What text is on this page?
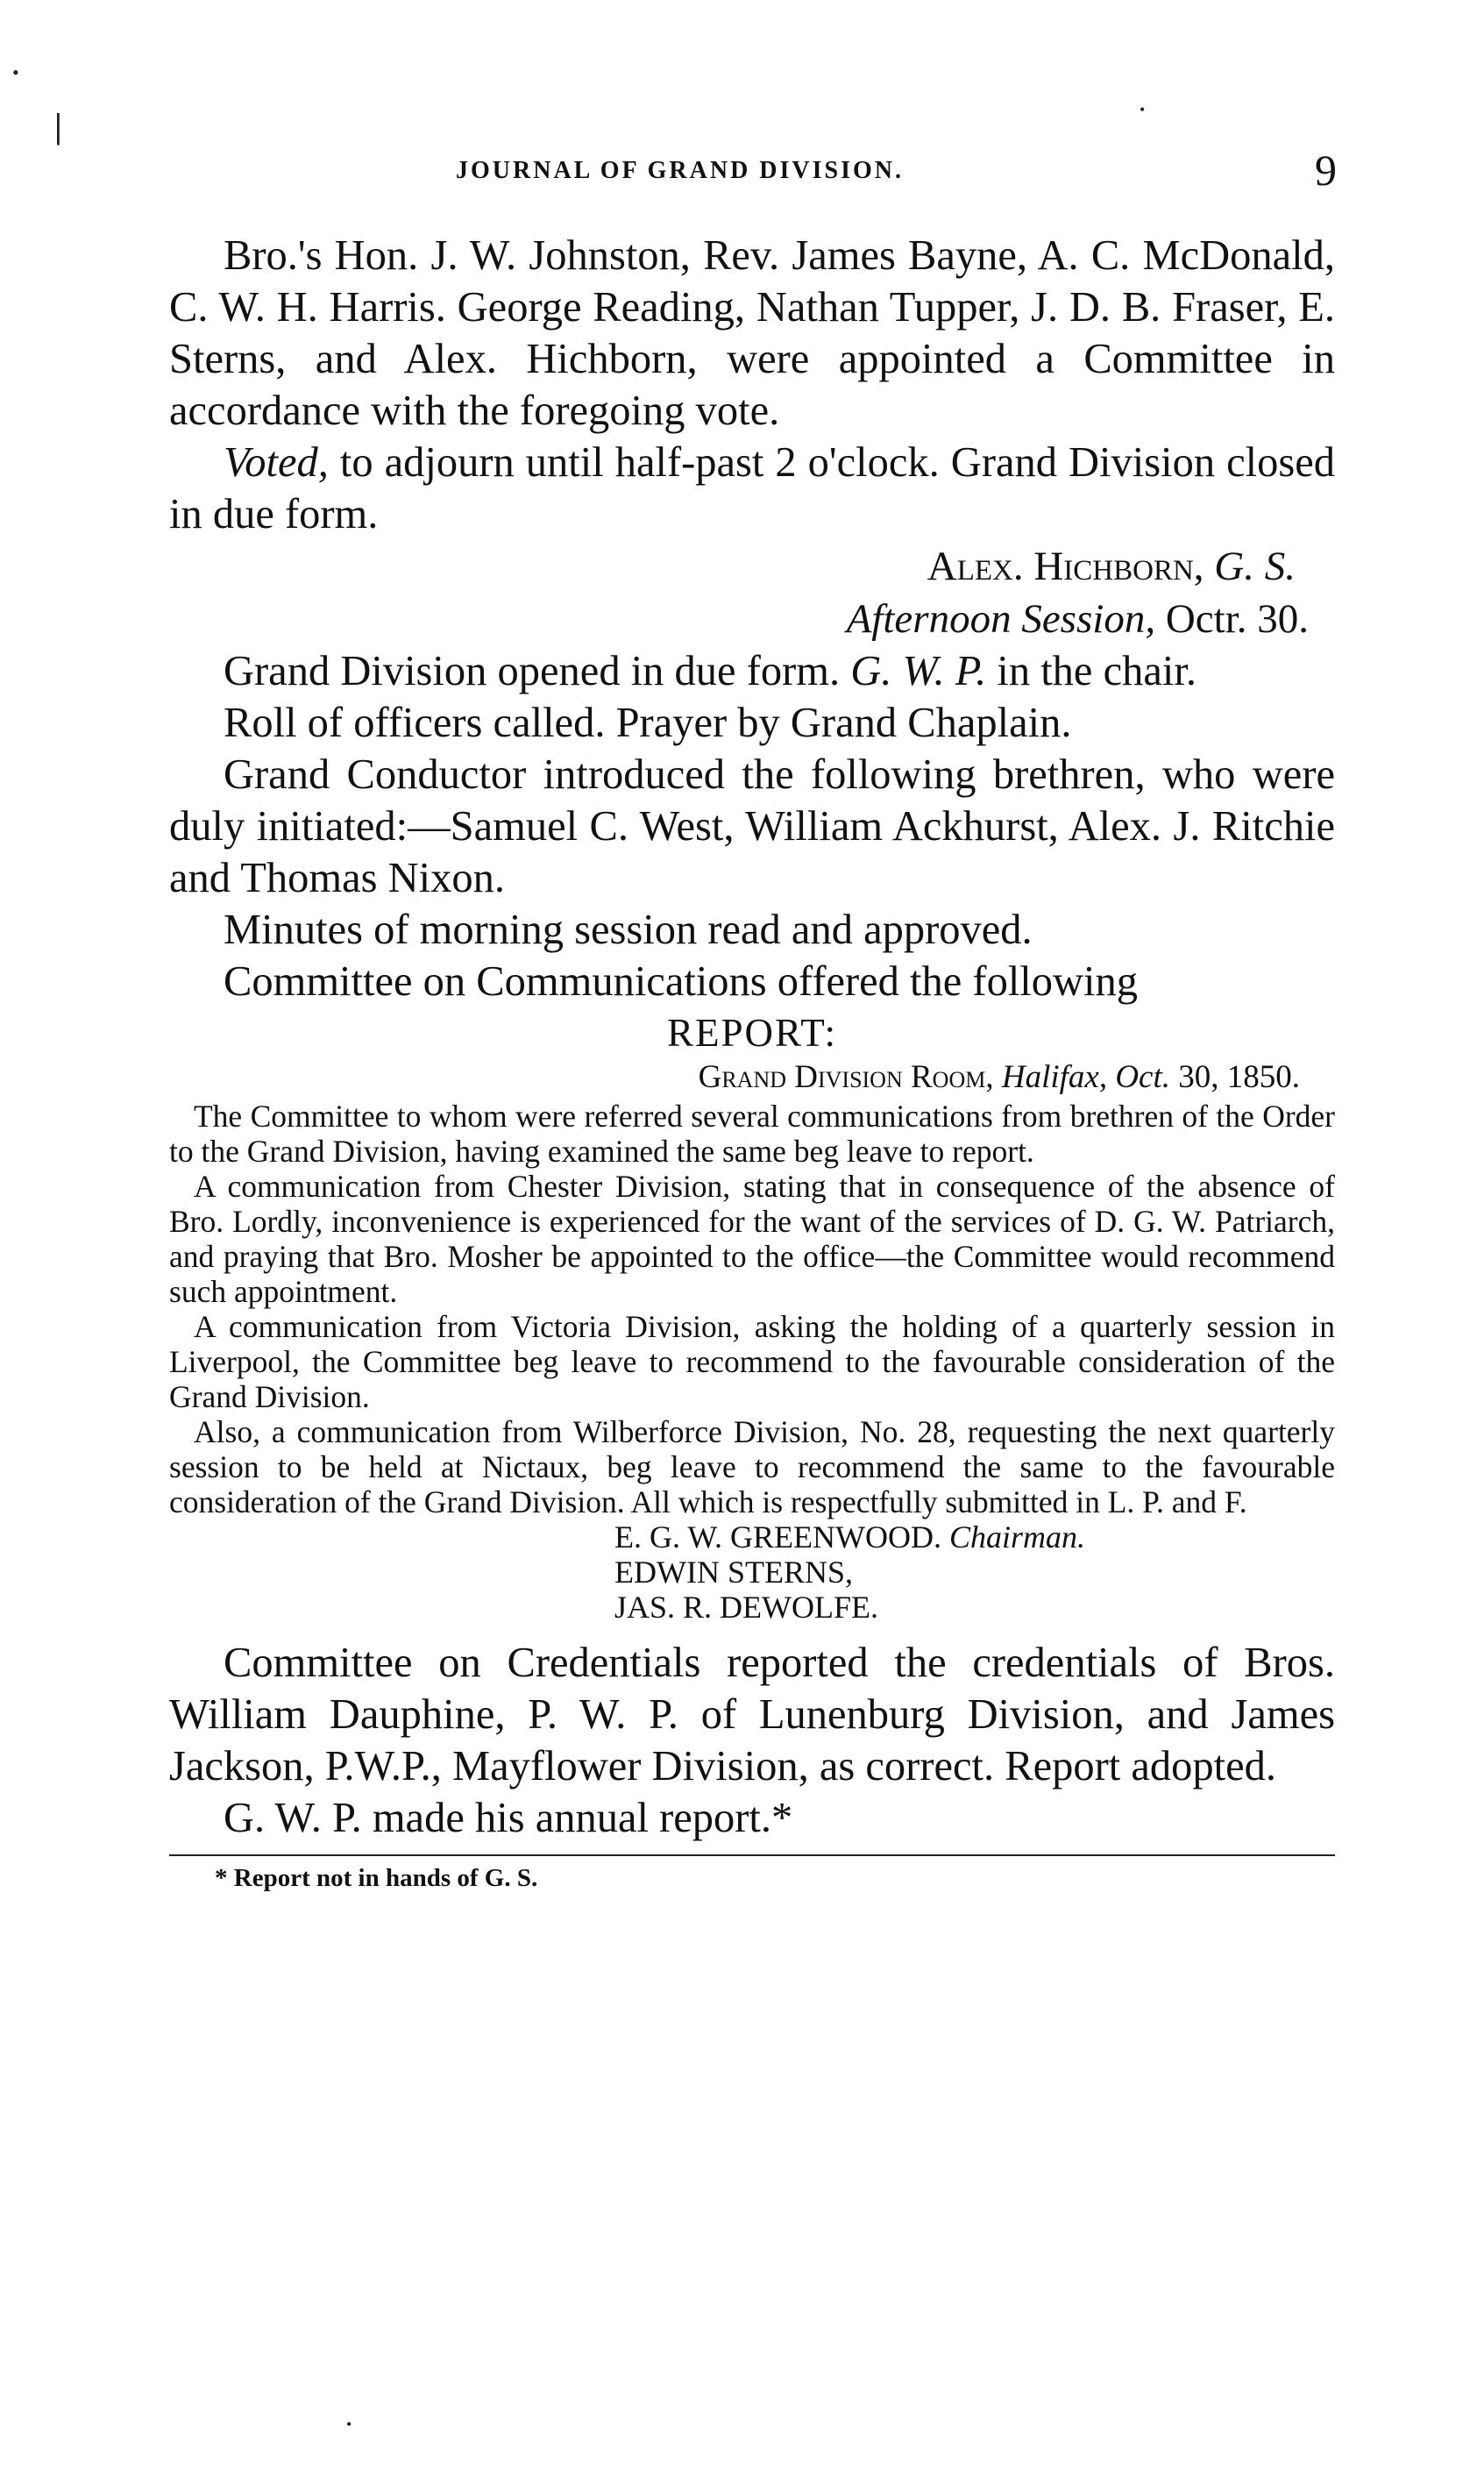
•
|	•
•
JOURNAL OF GRAND DIVISION.	9

Bro.'s Hon. J. W. Johnston, Rev. James Bayne, A. C. McDonald, C. W. H. Harris. George Reading, Nathan Tupper, J. D. B. Fraser, E. Sterns, and Alex. Hichborn, were appointed a Committee in accordance with the foregoing vote.

Voted, to adjourn until half-past 2 o'clock. Grand Division closed in due form.

Alex. Hichborn, G. S.

Afternoon Session, Octr. 30.

Grand Division opened in due form. G. W. P. in the chair.

Roll of officers called. Prayer by Grand Chaplain.

Grand Conductor introduced the following brethren, who were duly initiated:—Samuel C. West, William Ackhurst, Alex. J. Ritchie and Thomas Nixon.

Minutes of morning session read and approved.

Committee on Communications offered the following

REPORT:

Grand Division Room, Halifax, Oct. 30, 1850.

The Committee to whom were referred several communications from brethren of the Order to the Grand Division, having examined the same beg leave to report.

A communication from Chester Division, stating that in consequence of the absence of Bro. Lordly, inconvenience is experienced for the want of the services of D. G. W. Patriarch, and praying that Bro. Mosher be appointed to the office—the Committee would recommend such appointment.

A communication from Victoria Division, asking the holding of a quarterly session in Liverpool, the Committee beg leave to recommend to the favourable consideration of the Grand Division.

Also, a communication from Wilberforce Division, No. 28, requesting the next quarterly session to be held at Nictaux, beg leave to recommend the same to the favourable consideration of the Grand Division. All which is respectfully submitted in L. P. and F.

E. G. W. GREENWOOD. Chairman.

EDWIN STERNS,

JAS. R. DEWOLFE.

Committee on Credentials reported the credentials of Bros. William Dauphine, P. W. P. of Lunenburg Division, and James Jackson, P.W.P., Mayflower Division, as correct. Report adopted.

G. W. P. made his annual report.*

* Report not in hands of G. S.
